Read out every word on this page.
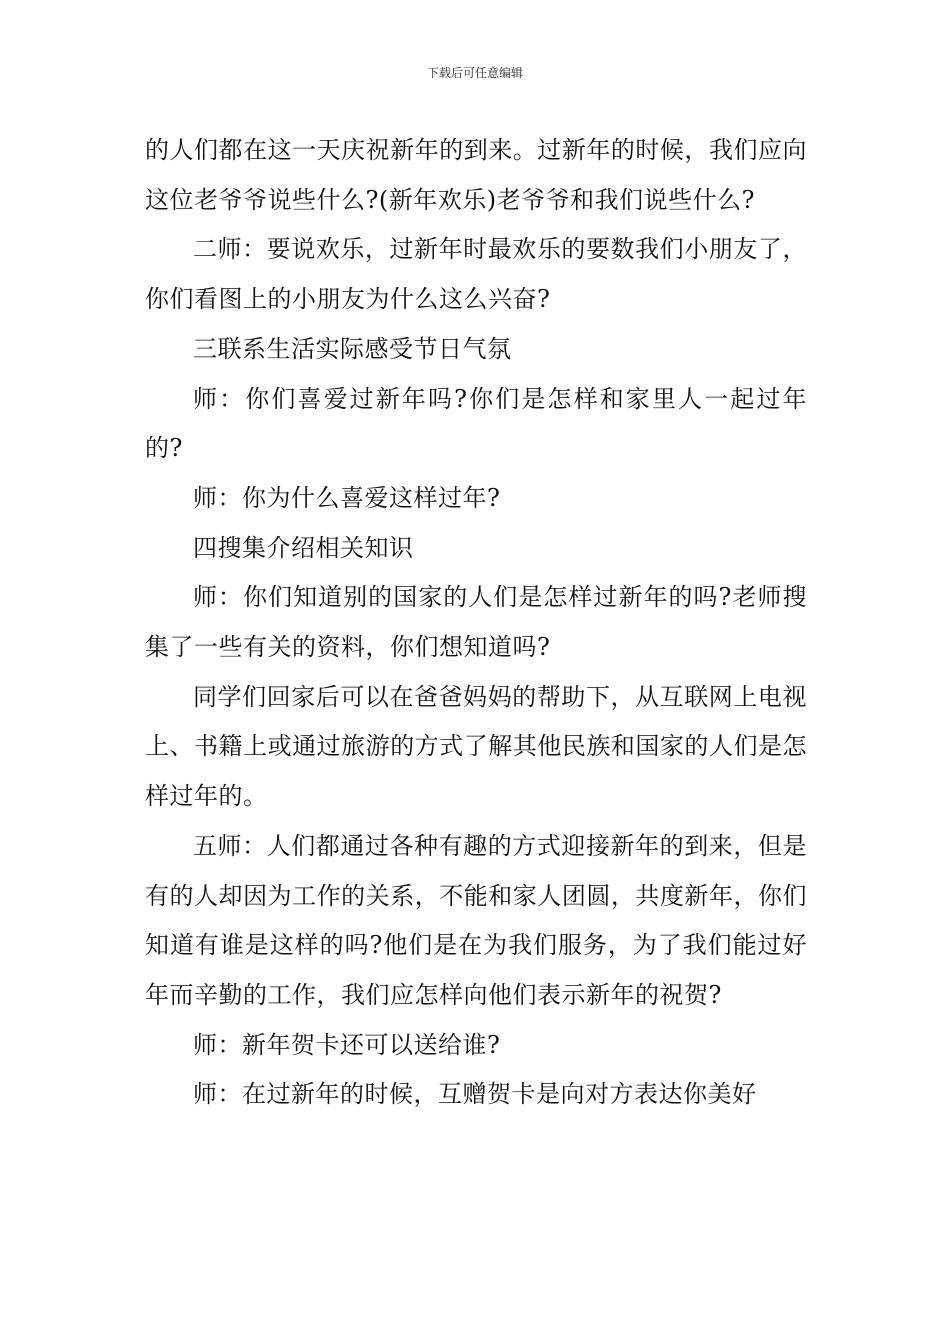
下载后可任意编辑

的人们都在这一天庆祝新年的到来。过新年的时候，我们应向这位老爷爷说些什么?(新年欢乐)老爷爷和我们说些什么?

二师：要说欢乐，过新年时最欢乐的要数我们小朋友了，你们看图上的小朋友为什么这么兴奋?

三联系生活实际感受节日气氛

师：你们喜爱过新年吗?你们是怎样和家里人一起过年的?

师：你为什么喜爱这样过年?

四搜集介绍相关知识

师：你们知道别的国家的人们是怎样过新年的吗?老师搜集了一些有关的资料，你们想知道吗?

同学们回家后可以在爸爸妈妈的帮助下，从互联网上电视上、书籍上或通过旅游的方式了解其他民族和国家的人们是怎样过年的。

五师：人们都通过各种有趣的方式迎接新年的到来，但是有的人却因为工作的关系，不能和家人团圆，共度新年，你们知道有谁是这样的吗?他们是在为我们服务，为了我们能过好年而辛勤的工作，我们应怎样向他们表示新年的祝贺?

师：新年贺卡还可以送给谁?

师：在过新年的时候，互赠贺卡是向对方表达你美好
